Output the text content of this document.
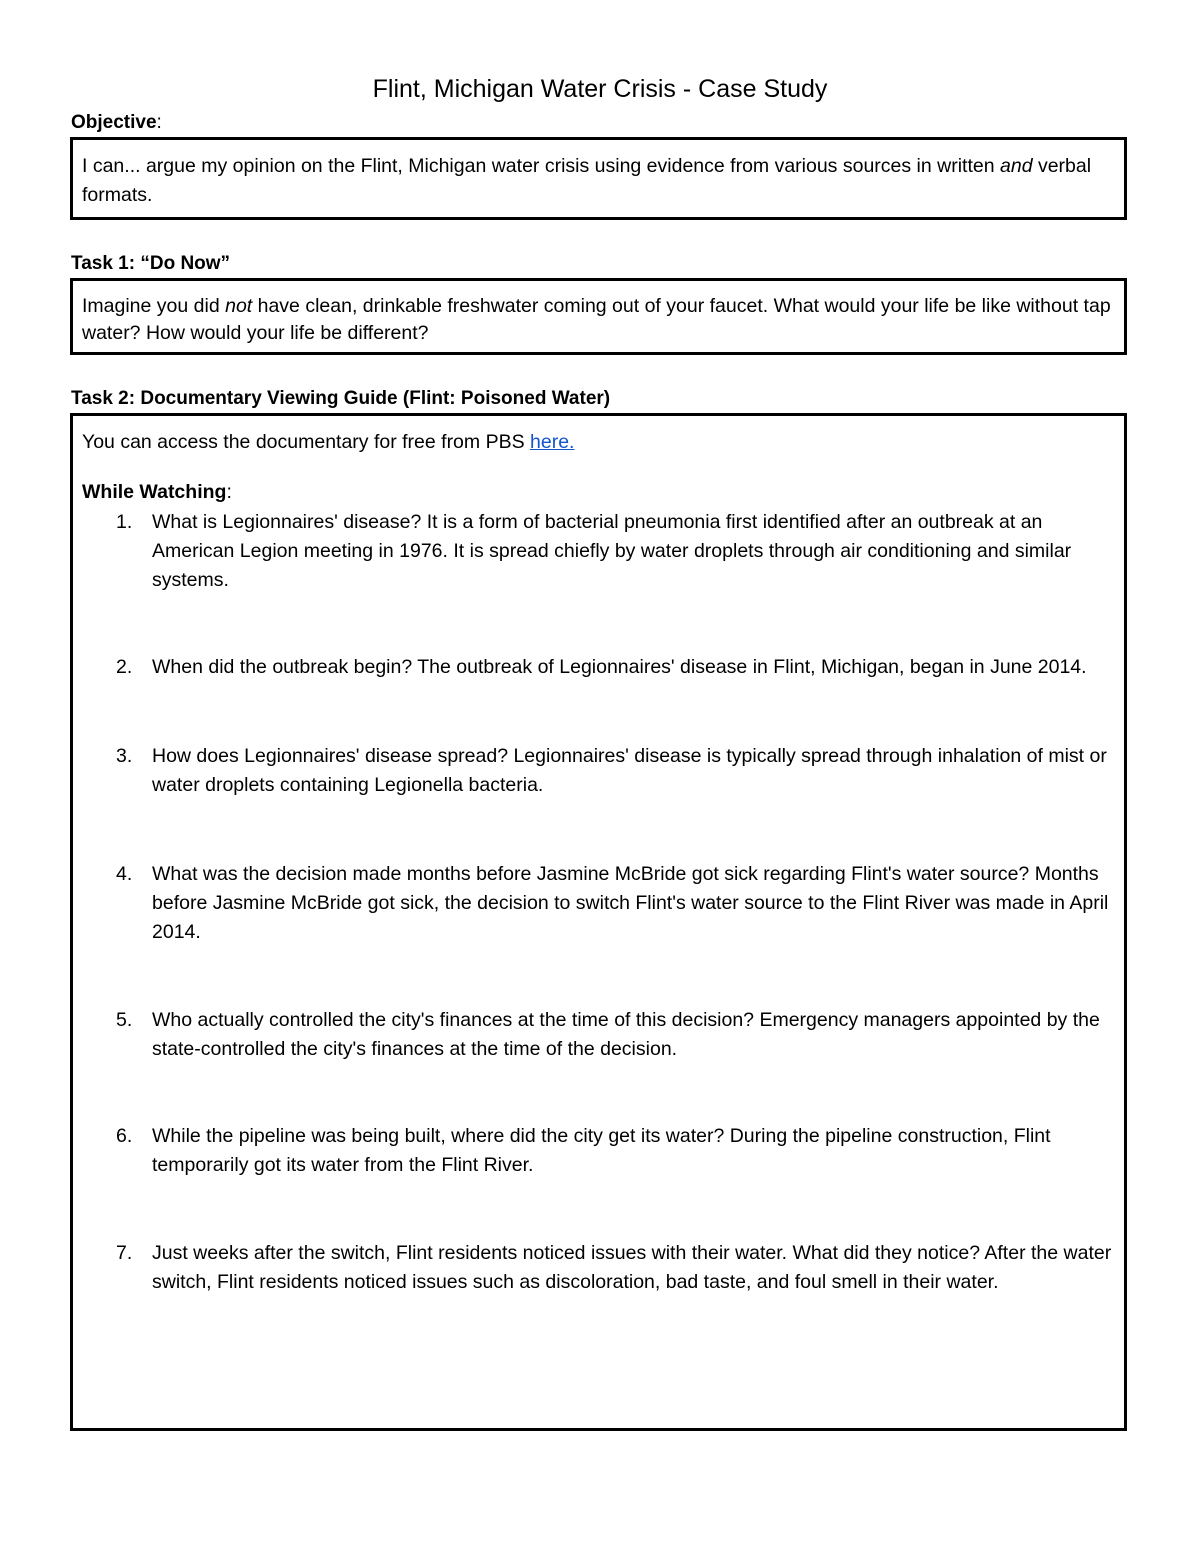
Flint, Michigan Water Crisis - Case Study
Objective:
I can... argue my opinion on the Flint, Michigan water crisis using evidence from various sources in written and verbal formats.
Task 1: “Do Now”
Imagine you did not have clean, drinkable freshwater coming out of your faucet. What would your life be like without tap water? How would your life be different?
Task 2: Documentary Viewing Guide (Flint: Poisoned Water)
You can access the documentary for free from PBS here.
While Watching:
1. What is Legionnaires' disease? It is a form of bacterial pneumonia first identified after an outbreak at an American Legion meeting in 1976. It is spread chiefly by water droplets through air conditioning and similar systems.
2. When did the outbreak begin? The outbreak of Legionnaires' disease in Flint, Michigan, began in June 2014.
3. How does Legionnaires' disease spread? Legionnaires' disease is typically spread through inhalation of mist or water droplets containing Legionella bacteria.
4. What was the decision made months before Jasmine McBride got sick regarding Flint's water source? Months before Jasmine McBride got sick, the decision to switch Flint's water source to the Flint River was made in April 2014.
5. Who actually controlled the city's finances at the time of this decision? Emergency managers appointed by the state-controlled the city's finances at the time of the decision.
6. While the pipeline was being built, where did the city get its water? During the pipeline construction, Flint temporarily got its water from the Flint River.
7. Just weeks after the switch, Flint residents noticed issues with their water. What did they notice? After the water switch, Flint residents noticed issues such as discoloration, bad taste, and foul smell in their water.
